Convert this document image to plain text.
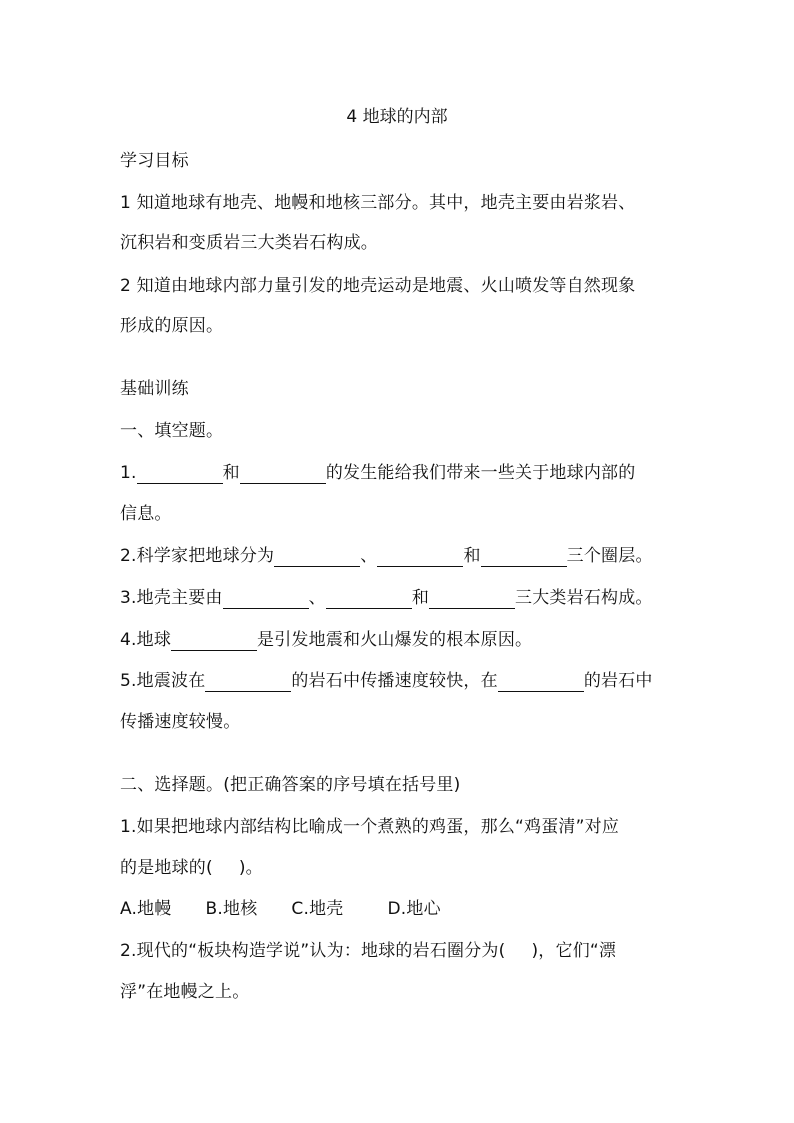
4 地球的内部
学习目标
1 知道地球有地壳、地幔和地核三部分。其中，地壳主要由岩浆岩、
沉积岩和变质岩三大类岩石构成。
2 知道由地球内部力量引发的地壳运动是地震、火山喷发等自然现象
形成的原因。
基础训练
一、填空题。
1.	和	的发生能给我们带来一些关于地球内部的
信息。
2.科学家把地球分为	、	和	三个圈层。
3.地壳主要由	、	和	三大类岩石构成。
4.地球	是引发地震和火山爆发的根本原因。
5.地震波在	的岩石中传播速度较快，在	的岩石中
传播速度较慢。
二、选择题。(把正确答案的序号填在括号里)
1.如果把地球内部结构比喻成一个煮熟的鸡蛋，那么“鸡蛋清”对应
的是地球的( )。
A.地幔 B.地核 C.地壳	D.地心
2.现代的“板块构造学说”认为：地球的岩石圈分为( )，它们“漂
浮”在地幔之上。
